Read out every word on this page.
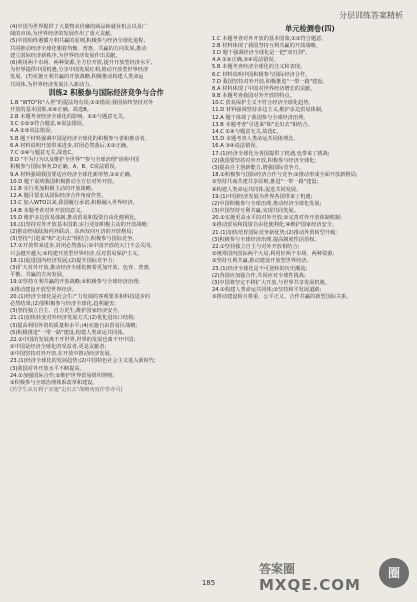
分层训练答案精析

(4)中国为世界提供了大量物美价廉的商品和就业机会以及广

阔的市场,为世界经济的发展作出了重大贡献。

(5)中国始终遵循互利共赢的原则,积极参与经济全球化进程,

共同推动经济全球化朝着均衡、普惠、共赢的方向发展,推动

建立国际经济新秩序,为世界经济发展作出贡献。

(6)利用两个市场、两种资源,全方位开放,提升开放型经济水平,

为世界提供中国机遇,分享中国发展红利,推动开放型世界经济

发展。(7)实施互利共赢的开放战略,积极推动构建人类命运

共同体,为世界经济发展注入新动力。

训练2 积极参与国际经济竞争与合作

1.B "WTO"和"入世"的提法均有误,①③错误;我国始终坚持对外

开放的基本国策,②④正确。故选B。

2.B 本题考查经济全球化的影响。①④与题意无关。

3.C ①②③符合题意,④说法错误。

4.A ②③说法错误。

5.B 题干材料强调中国是经济全球化的积极参与者和推动者。

6.A 材料说明开放带来进步,封闭必然落后,①②正确。

7.C ③④与题意无关,故选C。

8.D "不为行为以及维护全世界""参与全球治理"说明中国

积极参与国际事务,D正确。A、B、C说法错误。

9.A 材料强调我国要适应经济全球化新形势,①②正确。

10.D 题干说明我国积极推动全方位对外开放。

11.B 实行更加积极主动的开放战略。

12.A 题目要求从国际经济合作角度作答。

13.C 加入WTO以来,我国履行承诺,积极融入世界经济。

14.B 本题考查对外开放的意义。

15.D 维护多边贸易体制,推动贸易和投资自由化便利化。

16.(1)坚持对外开放基本国策,实行更加积极主动的开放战略;

(2)推动形成陆海内外联动、东西双向互济的开放格局;

(3)坚持"引进来"和"走出去"相结合,积极参与国际竞争。

17.①开放带来进步,封闭必然落后;②中国开放的大门不会关闭,

只会越开越大;③构建开放型世界经济,反对贸易保护主义。

18.(1)促进国内经济发展;(2)提升国际竞争力;

(3)扩大对外开放,推动经济全球化朝着更加开放、包容、普惠、

平衡、共赢的方向发展。

19.①坚持互利共赢的开放战略;②积极参与全球经济治理;

③推动建设开放型世界经济。

20.(1)经济全球化是社会生产力发展的客观要求和科技进步的

必然结果;(2)要积极参与经济全球化,趋利避害;

(3)坚持独立自主、自力更生,维护国家经济安全。

21.(1)加快转变对外经济发展方式;(2)优化进出口结构;

(3)提高利用外资的质量和水平;(4)实施自由贸易区战略;

(5)积极推进"一带一路"建设,构建人类命运共同体。

22.①中国的发展离不开世界,世界的发展也离不开中国;

②中国是经济全球化的受益者,更是贡献者;

③中国坚持对外开放,在开放中推动经济发展。

23.(1)经济全球化的发展趋势;(2)中国特色社会主义进入新时代;

(3)我国对外开放水平不断提高。

24.①加强国际合作;②维护世界贸易组织规则;

③积极参与全球治理体系改革和建设。

(若学生从有利于实施"走出去"战略角度作答亦可)

单元检测卷(四)

1.C 本题考查对外开放的基本国策,①②符合题意。

2.B 材料体现了我国坚持互利共赢的开放战略。

3.D 题干强调经济全球化是一把"双刃剑"。

4.A ①②正确,③④说法错误。

5.B 本题考查经济全球化的含义和表现。

6.C 材料说明中国积极参与国际经济合作。

7.D 我国坚持对外开放,积极推进"一带一路"建设。

8.A 材料体现了中国对世界经济增长的贡献。

9.B 本题考查我国对外开放的特点。

10.C 贸易保护主义不符合经济全球化趋势。

11.D 材料强调坚持多边主义,维护多边贸易体制。

12.A 题干体现了我国参与全球经济治理。

13.B 本题考查"引进来"和"走出去"相结合。

14.C ①④与题意无关,故选C。

15.D 本题考查人类命运共同体理念。

16.A ③④说法错误。

17.(1)经济全球化为各国提供了机遇,也带来了挑战;

(2)我国要坚持对外开放,积极参与经济全球化;

(3)提高自主创新能力,增强国际竞争力。

18.①积极参与国际经济合作与竞争;②推动形成全面开放新格局;

③坚持共商共建共享原则,推进"一带一路"建设;

④构建人类命运共同体,促进共同发展。

19.(1)中国经济发展为世界各国带来了机遇;

(2)中国积极参与全球治理,推动经济全球化发展;

(3)中国坚持互利共赢,实现共同发展。

20.①实施更高水平的对外开放;②完善对外开放体制机制;

③推动贸易和投资自由化便利化;④维护国家经济安全。

21.(1)加快培育国际竞争新优势;(2)推动外贸转型升级;

(3)积极参与全球经济治理,提高制度性话语权。

22.①坚持独立自主与对外开放相结合;

②统筹国内国际两个大局,利用好两个市场、两种资源;

③坚持互利共赢,推动建设开放型世界经济。

23.(1)经济全球化是不可逆转的历史潮流;

(2)各国应加强合作,共同应对全球性挑战;

(3)中国将坚定不移扩大开放,与世界共享发展机遇。

24.①构建人类命运共同体;②坚持和平发展道路;

③推动建设相互尊重、公平正义、合作共赢的新型国际关系。

185
答案圈	圈
MXQE.COM
